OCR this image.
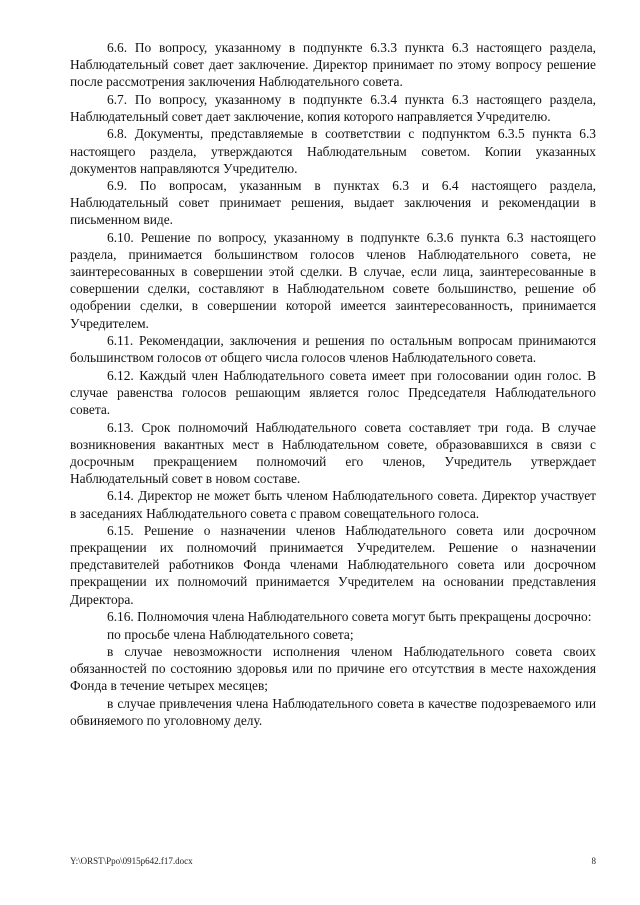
6.6. По вопросу, указанному в подпункте 6.3.3 пункта 6.3 настоящего раздела, Наблюдательный совет дает заключение. Директор принимает по этому вопросу решение после рассмотрения заключения Наблюдательного совета.

6.7. По вопросу, указанному в подпункте 6.3.4 пункта 6.3 настоящего раздела, Наблюдательный совет дает заключение, копия которого направляется Учредителю.

6.8. Документы, представляемые в соответствии с подпунктом 6.3.5 пункта 6.3 настоящего раздела, утверждаются Наблюдательным советом. Копии указанных документов направляются Учредителю.

6.9. По вопросам, указанным в пунктах 6.3 и 6.4 настоящего раздела, Наблюдательный совет принимает решения, выдает заключения и рекомендации в письменном виде.

6.10. Решение по вопросу, указанному в подпункте 6.3.6 пункта 6.3 настоящего раздела, принимается большинством голосов членов Наблюдательного совета, не заинтересованных в совершении этой сделки. В случае, если лица, заинтересованные в совершении сделки, составляют в Наблюдательном совете большинство, решение об одобрении сделки, в совершении которой имеется заинтересованность, принимается Учредителем.

6.11. Рекомендации, заключения и решения по остальным вопросам принимаются большинством голосов от общего числа голосов членов Наблюдательного совета.

6.12. Каждый член Наблюдательного совета имеет при голосовании один голос. В случае равенства голосов решающим является голос Председателя Наблюдательного совета.

6.13. Срок полномочий Наблюдательного совета составляет три года. В случае возникновения вакантных мест в Наблюдательном совете, образовавшихся в связи с досрочным прекращением полномочий его членов, Учредитель утверждает Наблюдательный совет в новом составе.

6.14. Директор не может быть членом Наблюдательного совета. Директор участвует в заседаниях Наблюдательного совета с правом совещательного голоса.

6.15. Решение о назначении членов Наблюдательного совета или досрочном прекращении их полномочий принимается Учредителем. Решение о назначении представителей работников Фонда членами Наблюдательного совета или досрочном прекращении их полномочий принимается Учредителем на основании представления Директора.

6.16. Полномочия члена Наблюдательного совета могут быть прекращены досрочно:

по просьбе члена Наблюдательного совета;

в случае невозможности исполнения членом Наблюдательного совета своих обязанностей по состоянию здоровья или по причине его отсутствия в месте нахождения Фонда в течение четырех месяцев;

в случае привлечения члена Наблюдательного совета в качестве подозреваемого или обвиняемого по уголовному делу.

Y:\ORST\Ppo\0915p642.f17.docx	8
